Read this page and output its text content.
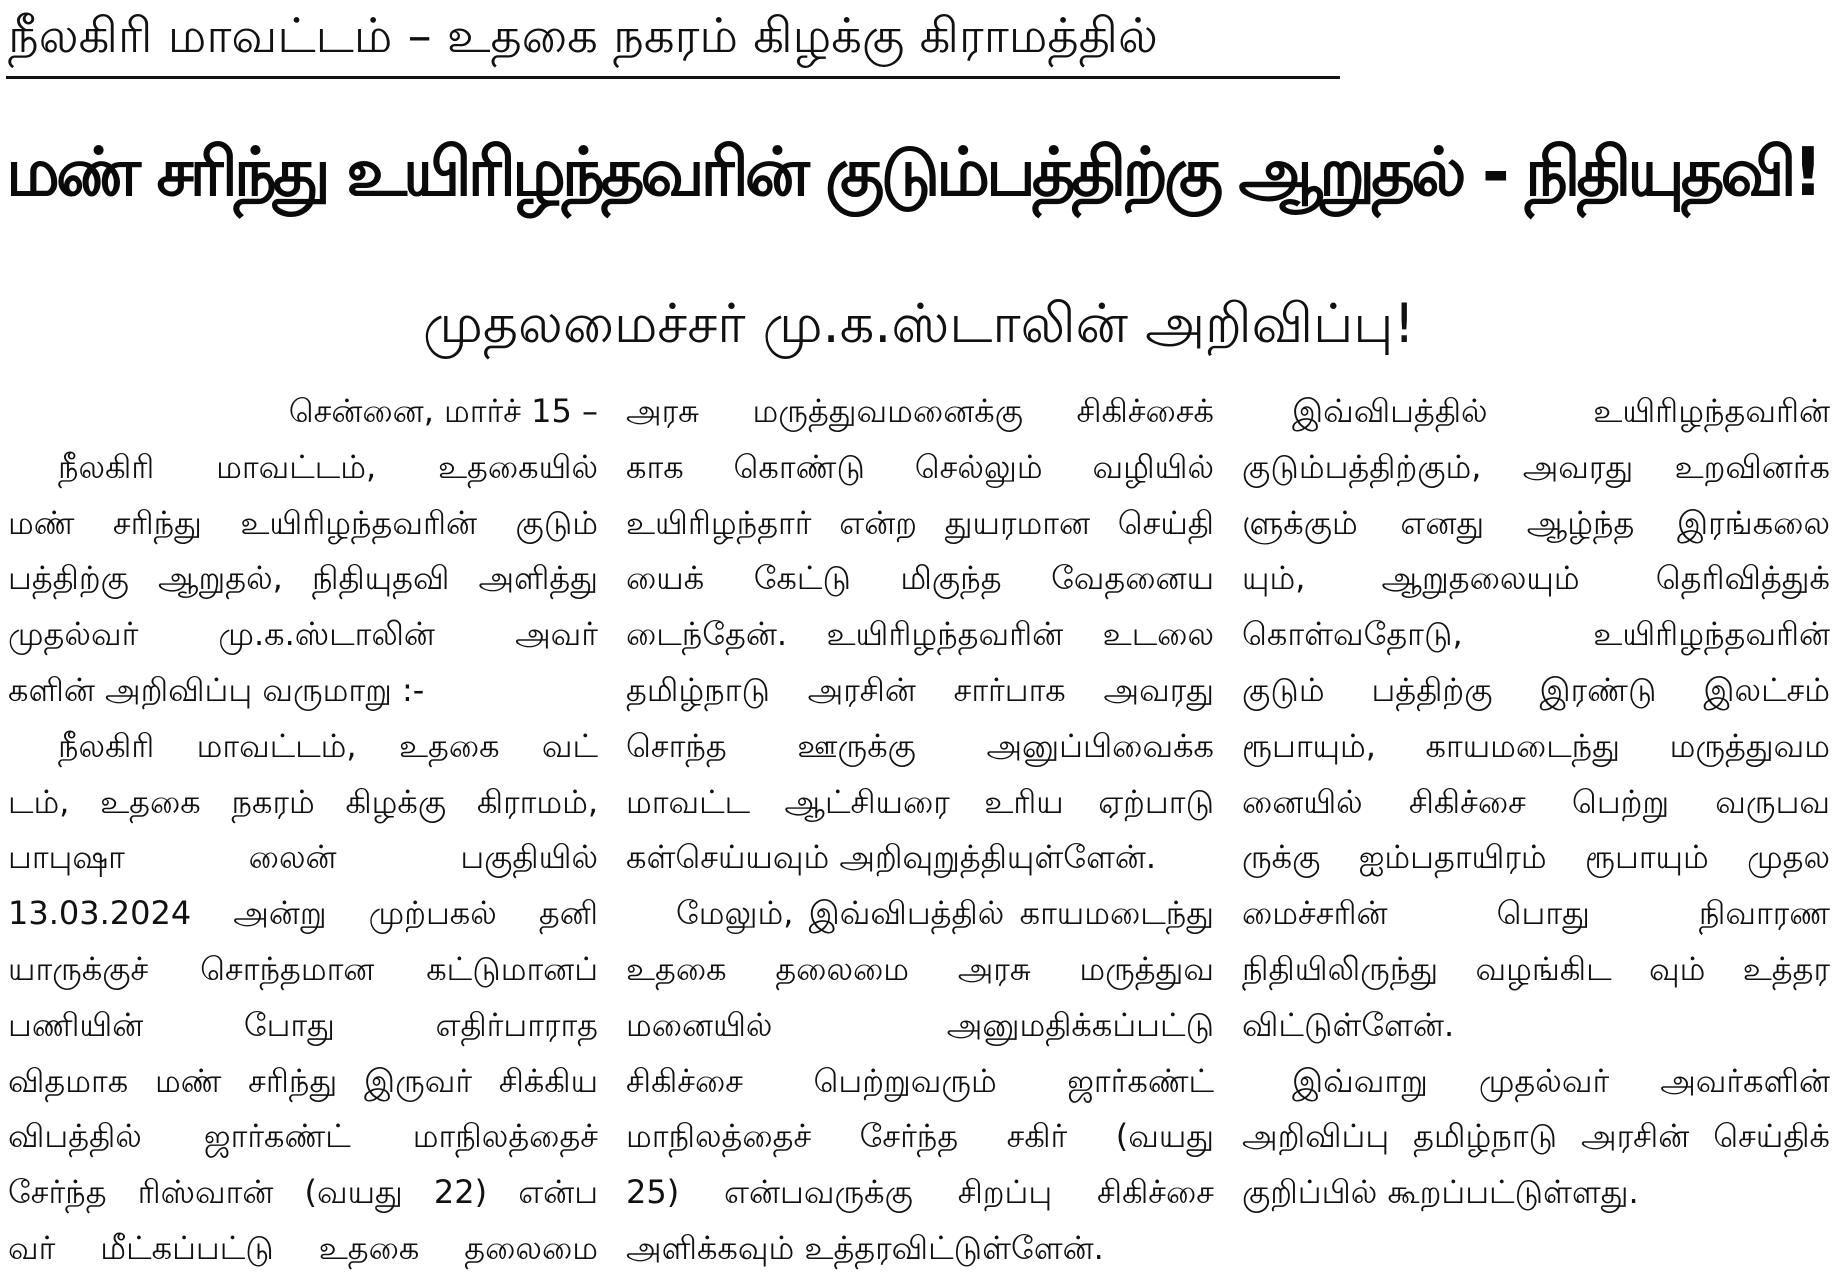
நீலகிரி மாவட்டம் – உதகை நகரம் கிழக்கு கிராமத்தில்
மண் சரிந்து உயிரிழந்தவரின் குடும்பத்திற்கு ஆறுதல் - நிதியுதவி!
முதலமைச்சர் மு.க.ஸ்டாலின் அறிவிப்பு!

சென்னை, மார்ச் 15 –

நீலகிரி மாவட்டம், உதகையில்

மண் சரிந்து உயிரிழந்தவரின் குடும்

பத்திற்கு ஆறுதல், நிதியுதவி அளித்து

முதல்வர் மு.க.ஸ்டாலின் அவர்

களின் அறிவிப்பு வருமாறு :-

நீலகிரி மாவட்டம், உதகை வட்

டம், உதகை நகரம் கிழக்கு கிராமம்,

பாபுஷா லைன் பகுதியில்

13.03.2024 அன்று முற்பகல் தனி

யாருக்குச் சொந்தமான கட்டுமானப்

பணியின் போது எதிர்பாராத

விதமாக மண் சரிந்து இருவர் சிக்கிய

விபத்தில் ஜார்கண்ட் மாநிலத்தைச்

சேர்ந்த ரிஸ்வான் (வயது 22) என்ப

வர் மீட்கப்பட்டு உதகை தலைமை

அரசு மருத்துவமனைக்கு சிகிச்சைக்

காக கொண்டு செல்லும் வழியில்

உயிரிழந்தார் என்ற துயரமான செய்தி

யைக் கேட்டு மிகுந்த வேதனைய

டைந்தேன். உயிரிழந்தவரின் உடலை

தமிழ்நாடு அரசின் சார்பாக அவரது

சொந்த ஊருக்கு அனுப்பிவைக்க

மாவட்ட ஆட்சியரை உரிய ஏற்பாடு

கள்செய்யவும் அறிவுறுத்தியுள்ளேன்.

மேலும், இவ்விபத்தில் காயமடைந்து

உதகை தலைமை அரசு மருத்துவ

மனையில் அனுமதிக்கப்பட்டு

சிகிச்சை பெற்றுவரும் ஜார்கண்ட்

மாநிலத்தைச் சேர்ந்த சகிர் (வயது

25) என்பவருக்கு சிறப்பு சிகிச்சை

அளிக்கவும் உத்தரவிட்டுள்ளேன்.

இவ்விபத்தில் உயிரிழந்தவரின்

குடும்பத்திற்கும், அவரது உறவினர்க

ளுக்கும் எனது ஆழ்ந்த இரங்கலை

யும், ஆறுதலையும் தெரிவித்துக்

கொள்வதோடு, உயிரிழந்தவரின்

குடும் பத்திற்கு இரண்டு இலட்சம்

ரூபாயும், காயமடைந்து மருத்துவம

னையில் சிகிச்சை பெற்று வருபவ

ருக்கு ஐம்பதாயிரம் ரூபாயும் முதல

மைச்சரின் பொது நிவாரண

நிதியிலிருந்து வழங்கிட வும் உத்தர

விட்டுள்ளேன்.

இவ்வாறு முதல்வர் அவர்களின்

அறிவிப்பு தமிழ்நாடு அரசின் செய்திக்

குறிப்பில் கூறப்பட்டுள்ளது.
